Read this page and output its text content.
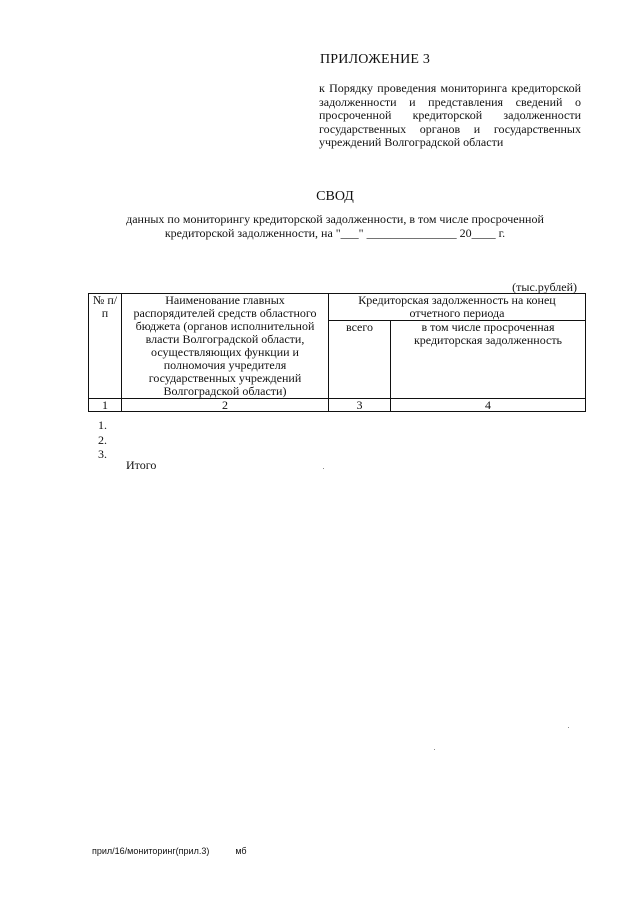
ПРИЛОЖЕНИЕ 3
к Порядку проведения мониторинга кредиторской задолженности и представления сведений о просроченной кредиторской задолженности государственных органов и государственных учреждений Волгоградской области
СВОД
данных по мониторингу кредиторской задолженности, в том числе просроченной
кредиторской задолженности, на "___" _______________ 20____ г.
(тыс.рублей)
№ п/п	Наименование главных распорядителей средств областного бюджета (органов исполнительной власти Волгоградской области, осуществляющих функции и полномочия учредителя государственных учреждений Волгоградской области)	Кредиторская задолженность на конец отчетного периода	
		всего	в том числе просроченная кредиторская задолженность
1	2	3	4
1.
2.
3.
Итого
прил/16/мониторинг(прил.3)	мб
